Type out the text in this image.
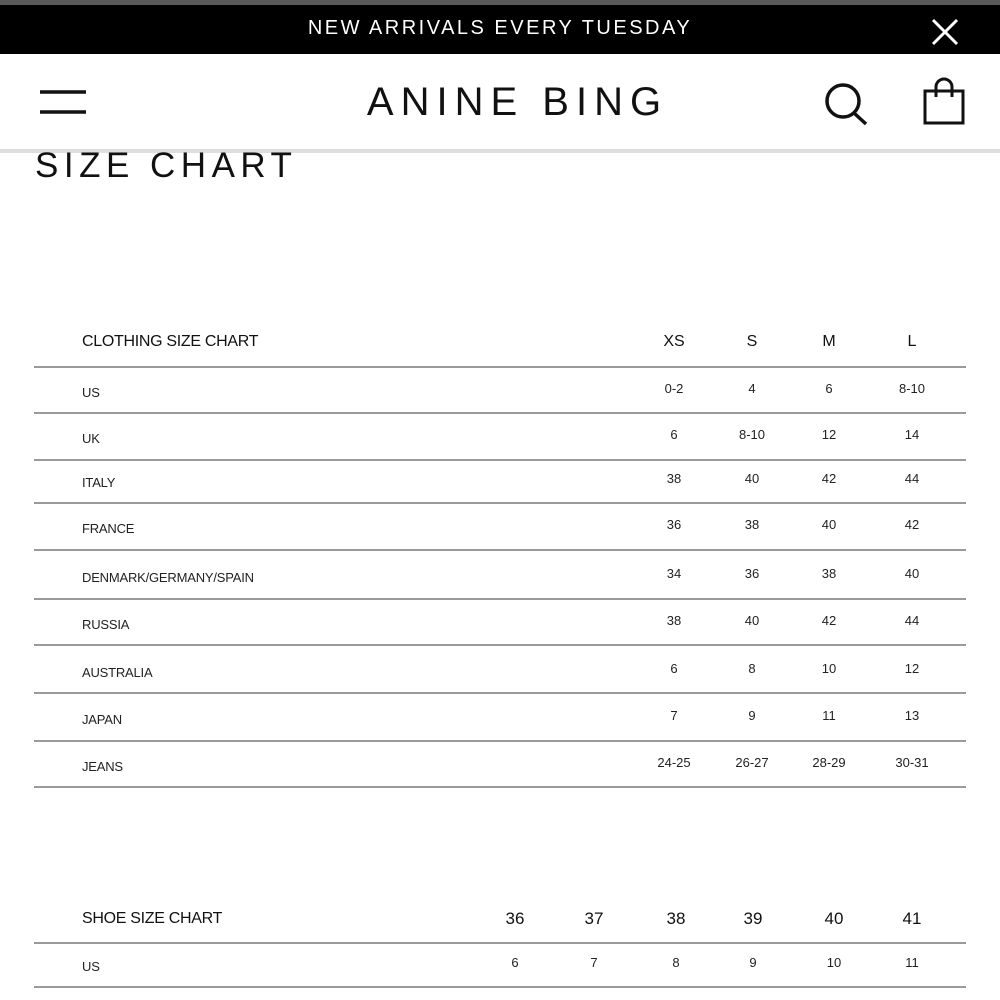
NEW ARRIVALS EVERY TUESDAY
ANINE BING
SIZE CHART
CLOTHING SIZE CHART	XS	S	M	L
US	0-2	4	6	8-10
UK	6	8-10	12	14
ITALY	38	40	42	44
FRANCE	36	38	40	42
DENMARK/GERMANY/SPAIN	34	36	38	40
RUSSIA	38	40	42	44
AUSTRALIA	6	8	10	12
JAPAN	7	9	11	13
JEANS	24-25	26-27	28-29	30-31
SHOE SIZE CHART	36	37	38	39	40	41
US	6	7	8	9	10	11
